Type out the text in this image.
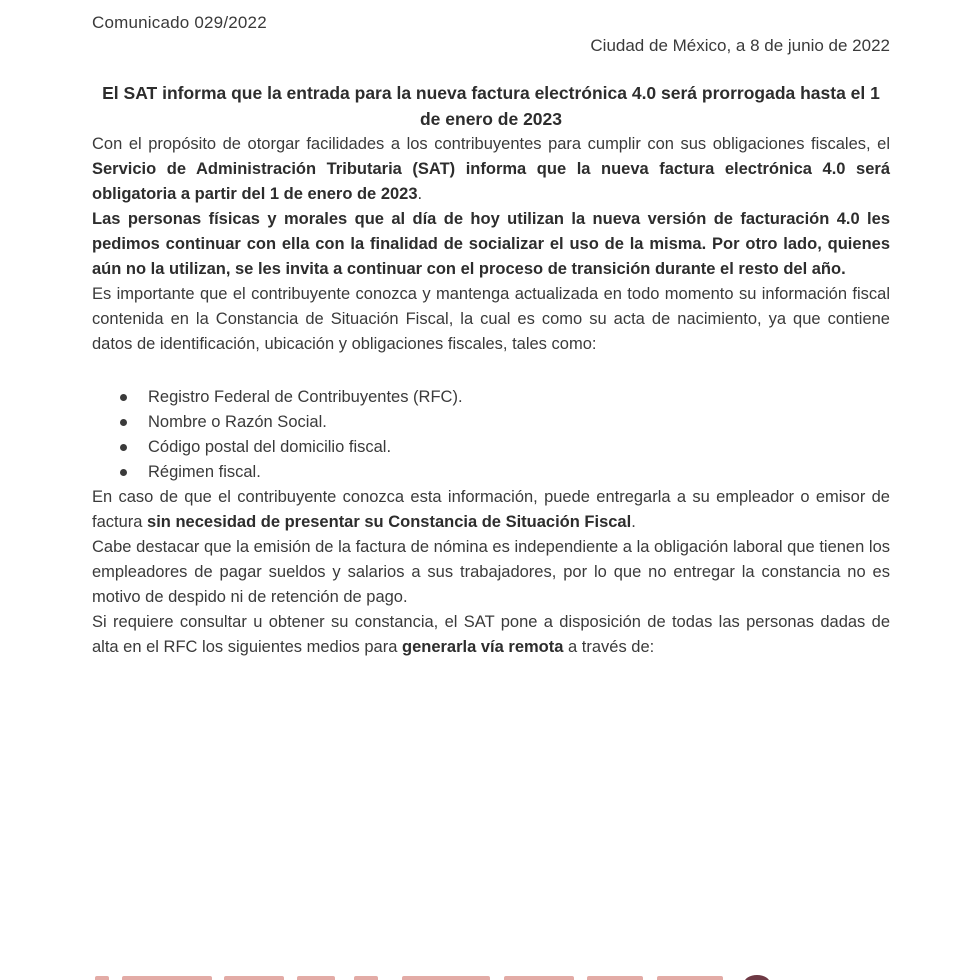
Comunicado 029/2022
Ciudad de México, a 8 de junio de 2022
El SAT informa que la entrada para la nueva factura electrónica 4.0 será prorrogada hasta el 1 de enero de 2023

Con el propósito de otorgar facilidades a los contribuyentes para cumplir con sus obligaciones fiscales, el Servicio de Administración Tributaria (SAT) informa que la nueva factura electrónica 4.0 será obligatoria a partir del 1 de enero de 2023.

Las personas físicas y morales que al día de hoy utilizan la nueva versión de facturación 4.0 les pedimos continuar con ella con la finalidad de socializar el uso de la misma. Por otro lado, quienes aún no la utilizan, se les invita a continuar con el proceso de transición durante el resto del año.

Es importante que el contribuyente conozca y mantenga actualizada en todo momento su información fiscal contenida en la Constancia de Situación Fiscal, la cual es como su acta de nacimiento, ya que contiene datos de identificación, ubicación y obligaciones fiscales, tales como:

Registro Federal de Contribuyentes (RFC).
Nombre o Razón Social.
Código postal del domicilio fiscal.
Régimen fiscal.

En caso de que el contribuyente conozca esta información, puede entregarla a su empleador o emisor de factura sin necesidad de presentar su Constancia de Situación Fiscal.

Cabe destacar que la emisión de la factura de nómina es independiente a la obligación laboral que tienen los empleadores de pagar sueldos y salarios a sus trabajadores, por lo que no entregar la constancia no es motivo de despido ni de retención de pago.

Si requiere consultar u obtener su constancia, el SAT pone a disposición de todas las personas dadas de alta en el RFC los siguientes medios para generarla vía remota a través de:
